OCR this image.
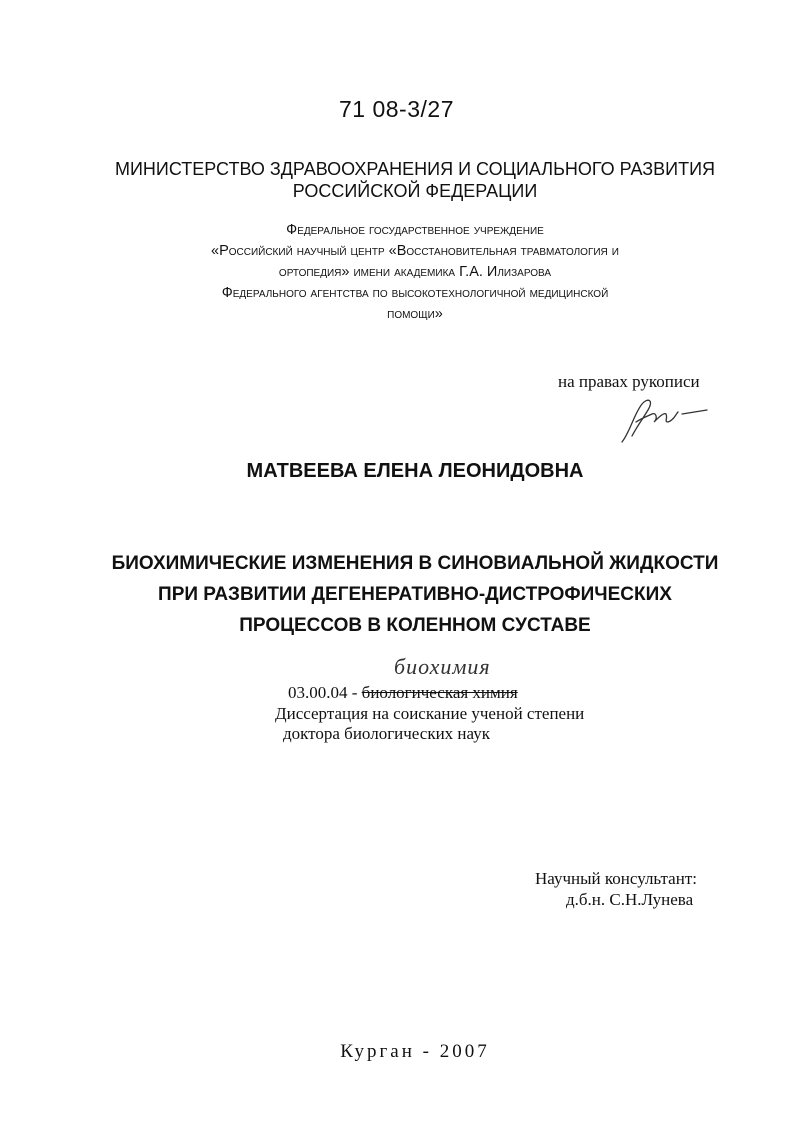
71 08-3/27
МИНИСТЕРСТВО ЗДРАВООХРАНЕНИЯ И СОЦИАЛЬНОГО РАЗВИТИЯ
РОССИЙСКОЙ ФЕДЕРАЦИИ
Федеральное государственное учреждение
«Российский научный центр «Восстановительная травматология и
ортопедия» имени академика Г.А. Илизарова
Федерального агентства по высокотехнологичной медицинской
помощи»
на правах рукописи
МАТВЕЕВА ЕЛЕНА ЛЕОНИДОВНА
БИОХИМИЧЕСКИЕ ИЗМЕНЕНИЯ В СИНОВИАЛЬНОЙ ЖИДКОСТИ
ПРИ РАЗВИТИИ ДЕГЕНЕРАТИВНО-ДИСТРОФИЧЕСКИХ
ПРОЦЕССОВ В КОЛЕННОМ СУСТАВЕ
биохимия
03.00.04 - биологическая химия
Диссертация на соискание ученой степени
доктора биологических наук
Научный консультант:
д.б.н. С.Н.Лунева
Курган - 2007
